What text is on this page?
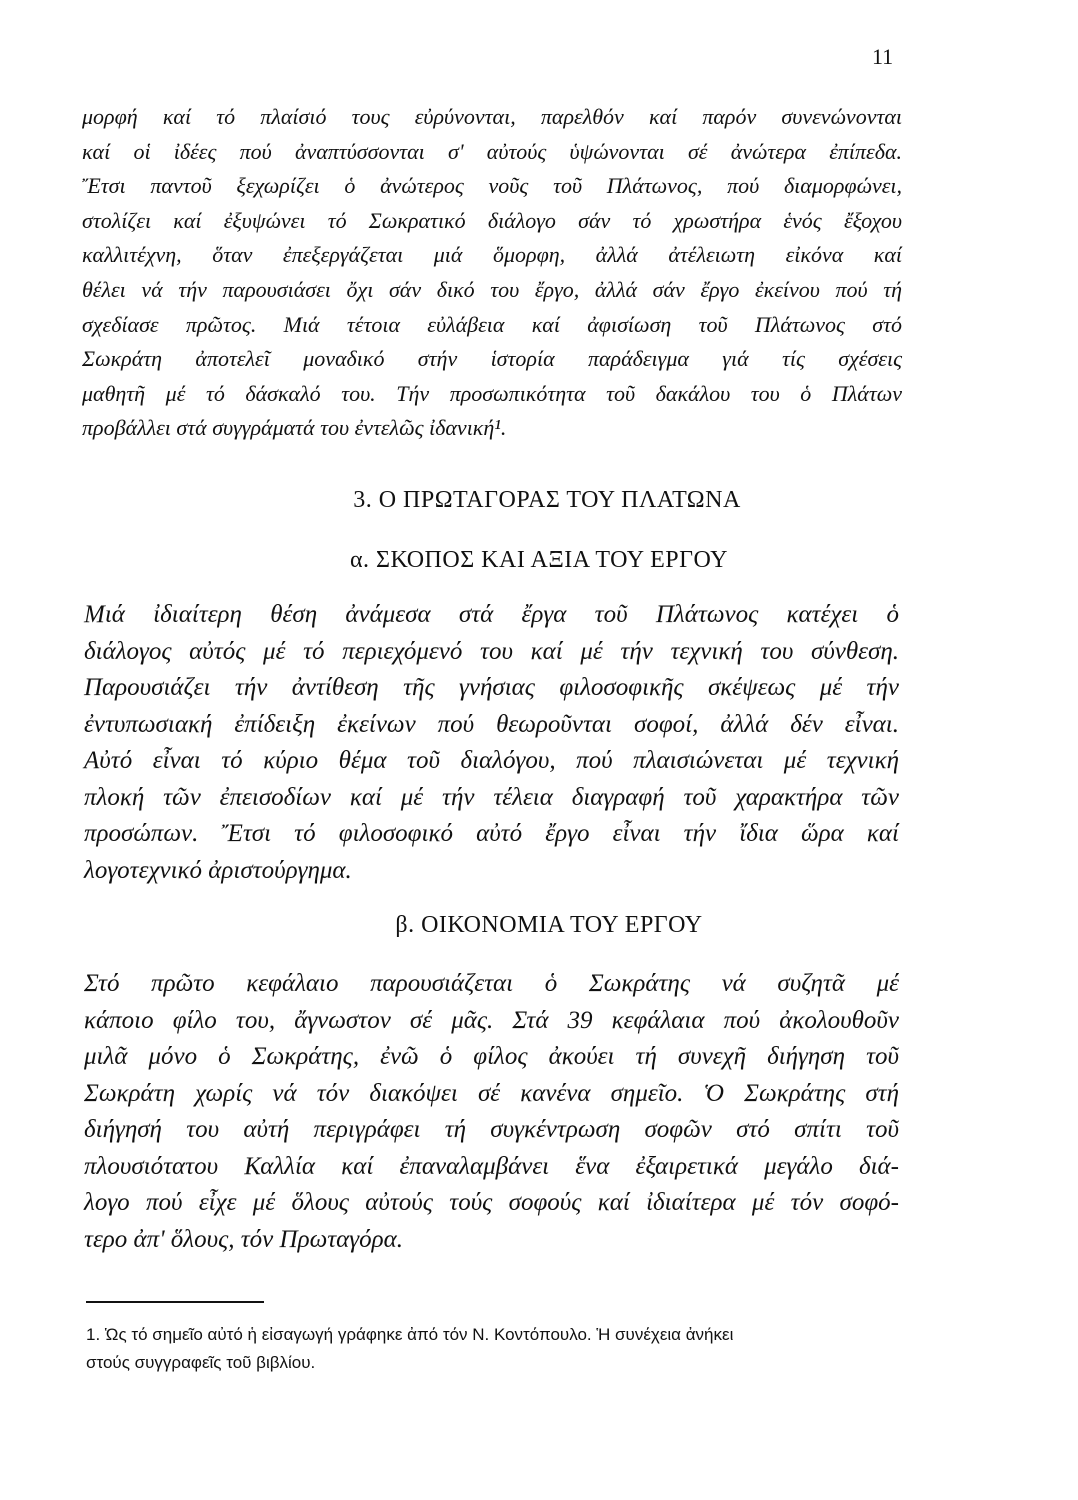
11
μορφή καί τό πλαίσιό τους εὐρύνονται, παρελθόν καί παρόν συνενώνονται
καί οἱ ἰδέες πού ἀναπτύσσονται σ' αὐτούς ὑψώνονται σέ ἀνώτερα ἐπίπεδα.
Ἔτσι παντοῦ ξεχωρίζει ὁ ἀνώτερος νοῦς τοῦ Πλάτωνος, πού διαμορφώνει,
στολίζει καί ἐξυψώνει τό Σωκρατικό διάλογο σάν τό χρωστήρα ἑνός ἔξοχου
καλλιτέχνη, ὅταν ἐπεξεργάζεται μιά ὅμορφη, ἀλλά ἀτέλειωτη εἰκόνα καί
θέλει νά τήν παρουσιάσει ὄχι σάν δικό του ἔργο, ἀλλά σάν ἔργο ἐκείνου πού τή
σχεδίασε πρῶτος. Μιά τέτοια εὐλάβεια καί ἀφισίωση τοῦ Πλάτωνος στό
Σωκράτη ἀποτελεῖ μοναδικό στήν ἱστορία παράδειγμα γιά τίς σχέσεις
μαθητῆ μέ τό δάσκαλό του. Τήν προσωπικότητα τοῦ δακάλου του ὁ Πλάτων
προβάλλει στά συγγράματά του ἐντελῶς ἰδανική¹.
3. Ο ΠΡΩΤΑΓΟΡΑΣ ΤΟΥ ΠΛΑΤΩΝΑ
α. ΣΚΟΠΟΣ ΚΑΙ ΑΞΙΑ ΤΟΥ ΕΡΓΟΥ
Μιά ἰδιαίτερη θέση ἀνάμεσα στά ἔργα τοῦ Πλάτωνος κατέχει ὁ
διάλογος αὐτός μέ τό περιεχόμενό του καί μέ τήν τεχνική του σύνθεση.
Παρουσιάζει τήν ἀντίθεση τῆς γνήσιας φιλοσοφικῆς σκέψεως μέ τήν
ἐντυπωσιακή ἐπίδειξη ἐκείνων πού θεωροῦνται σοφοί, ἀλλά δέν εἶναι.
Αὐτό εἶναι τό κύριο θέμα τοῦ διαλόγου, πού πλαισιώνεται μέ τεχνική
πλοκή τῶν ἐπεισοδίων καί μέ τήν τέλεια διαγραφή τοῦ χαρακτήρα τῶν
προσώπων. Ἔτσι τό φιλοσοφικό αὐτό ἔργο εἶναι τήν ἴδια ὥρα καί
λογοτεχνικό ἀριστούργημα.
β. ΟΙΚΟΝΟΜΙΑ ΤΟΥ ΕΡΓΟΥ
Στό πρῶτο κεφάλαιο παρουσιάζεται ὁ Σωκράτης νά συζητᾶ μέ
κάποιο φίλο του, ἄγνωστον σέ μᾶς. Στά 39 κεφάλαια πού ἀκολουθοῦν
μιλᾶ μόνο ὁ Σωκράτης, ἐνῶ ὁ φίλος ἀκούει τή συνεχῆ διήγηση τοῦ
Σωκράτη χωρίς νά τόν διακόψει σέ κανένα σημεῖο. Ὁ Σωκράτης στή
διήγησή του αὐτή περιγράφει τή συγκέντρωση σοφῶν στό σπίτι τοῦ
πλουσιότατου Καλλία καί ἐπαναλαμβάνει ἕνα ἐξαιρετικά μεγάλο διά-
λογο πού εἶχε μέ ὅλους αὐτούς τούς σοφούς καί ἰδιαίτερα μέ τόν σοφό-
τερο ἀπ' ὅλους, τόν Πρωταγόρα.
1. Ὡς τό σημεῖο αὐτό ἡ εἰσαγωγή γράφηκε ἀπό τόν Ν. Κοντόπουλο. Ἡ συνέχεια ἀνήκει
στούς συγγραφεῖς τοῦ βιβλίου.
